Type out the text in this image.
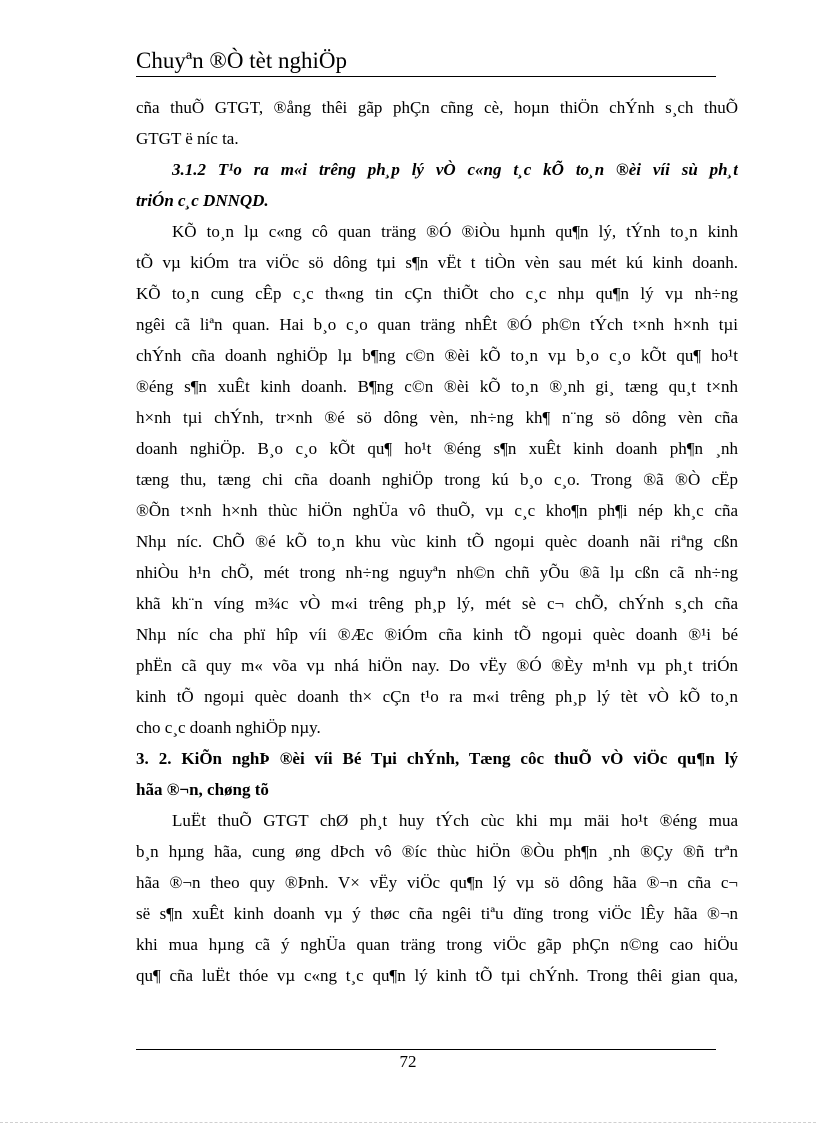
Chuyªn ®Ò tèt nghiÖp
cña thuÕ GTGT, ®ång thêi gãp phÇn cñng cè, hoµn thiÖn chÝnh s¸ch thuÕ
GTGT ë níc ta.
3.1.2 T¹o ra m«i trêng ph¸p lý vÒ c«ng t¸c kÕ to¸n ®èi víi sù ph¸t
triÓn c¸c DNNQD.
KÕ to¸n lµ c«ng cô quan träng ®Ó ®iÒu hµnh qu¶n lý, tÝnh to¸n kinh
tÕ vµ kiÓm tra viÖc sö dông tµi s¶n vËt t tiÒn vèn sau mét kú kinh doanh.
KÕ to¸n cung cÊp c¸c th«ng tin cÇn thiÕt cho c¸c nhµ qu¶n lý vµ nh÷ng
ngêi cã liªn quan. Hai b¸o c¸o quan träng nhÊt ®Ó ph©n tÝch t×nh h×nh tµi
chÝnh cña doanh nghiÖp lµ b¶ng c©n ®èi kÕ to¸n vµ b¸o c¸o kÕt qu¶ ho¹t
®éng s¶n xuÊt kinh doanh. B¶ng c©n ®èi kÕ to¸n ®¸nh gi¸ tæng qu¸t t×nh
h×nh tµi chÝnh, tr×nh ®é sö dông vèn, nh÷ng kh¶ n¨ng sö dông vèn cña
doanh nghiÖp. B¸o c¸o kÕt qu¶ ho¹t ®éng s¶n xuÊt kinh doanh ph¶n ¸nh
tæng thu, tæng chi cña doanh nghiÖp trong kú b¸o c¸o. Trong ®ã ®Ò cËp
®Õn t×nh h×nh thùc hiÖn nghÜa vô thuÕ, vµ c¸c kho¶n ph¶i nép kh¸c cña
Nhµ níc. ChÕ ®é kÕ to¸n khu vùc kinh tÕ ngoµi quèc doanh nãi riªng cßn
nhiÒu h¹n chÕ, mét trong nh÷ng nguyªn nh©n chñ yÕu ®ã lµ cßn cã nh÷ng
khã kh¨n víng m¾c vÒ m«i trêng ph¸p lý, mét sè c¬ chÕ, chÝnh s¸ch cña
Nhµ níc cha phï hîp víi ®Æc ®iÓm cña kinh tÕ ngoµi quèc doanh ®¹i bé
phËn cã quy m« võa vµ nhá hiÖn nay. Do vËy ®Ó ®Èy m¹nh vµ ph¸t triÓn
kinh tÕ ngoµi quèc doanh th× cÇn t¹o ra m«i trêng ph¸p lý tèt vÒ kÕ to¸n
cho c¸c doanh nghiÖp nµy.
3. 2. KiÕn nghÞ ®èi víi Bé Tµi chÝnh, Tæng côc thuÕ vÒ viÖc qu¶n lý
hãa ®¬n, chøng tõ
LuËt thuÕ GTGT chØ ph¸t huy tÝch cùc khi mµ mäi ho¹t ®éng mua
b¸n hµng hãa, cung øng dÞch vô ®íc thùc hiÖn ®Òu ph¶n ¸nh ®Çy ®ñ trªn
hãa ®¬n theo quy ®Þnh. V× vËy viÖc qu¶n lý vµ sö dông hãa ®¬n cña c¬
së s¶n xuÊt kinh doanh vµ ý thøc cña ngêi tiªu dïng trong viÖc lÊy hãa ®¬n
khi mua hµng cã ý nghÜa quan träng trong viÖc gãp phÇn n©ng cao hiÖu
qu¶ cña luËt thóe vµ c«ng t¸c qu¶n lý kinh tÕ tµi chÝnh. Trong thêi gian qua,
72
